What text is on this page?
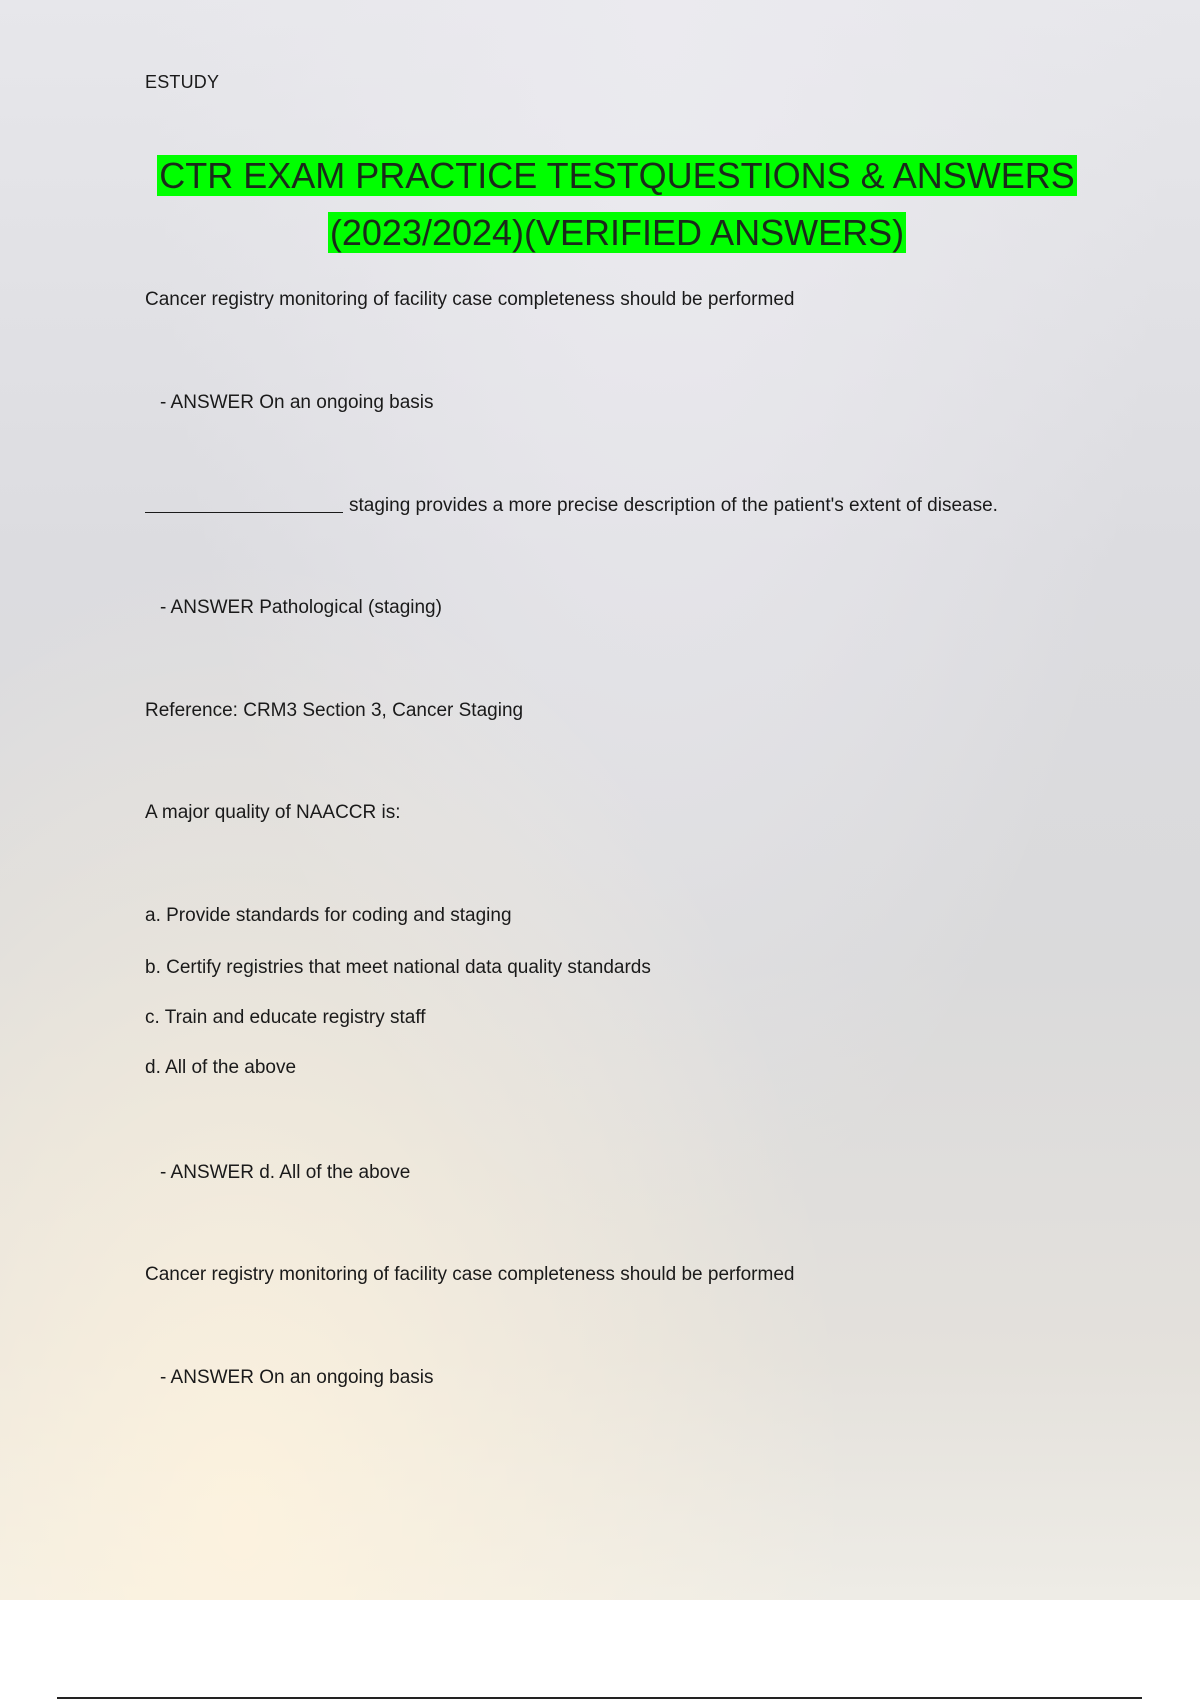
ESTUDY
CTR EXAM PRACTICE TESTQUESTIONS & ANSWERS
(2023/2024)(VERIFIED ANSWERS)
Cancer registry monitoring of facility case completeness should be performed
- ANSWER On an ongoing basis
staging provides a more precise description of the patient's extent of disease.
- ANSWER Pathological (staging)
Reference: CRM3 Section 3, Cancer Staging
A major quality of NAACCR is:
a. Provide standards for coding and staging
b. Certify registries that meet national data quality standards
c. Train and educate registry staff
d. All of the above
- ANSWER d. All of the above
Cancer registry monitoring of facility case completeness should be performed
- ANSWER On an ongoing basis
